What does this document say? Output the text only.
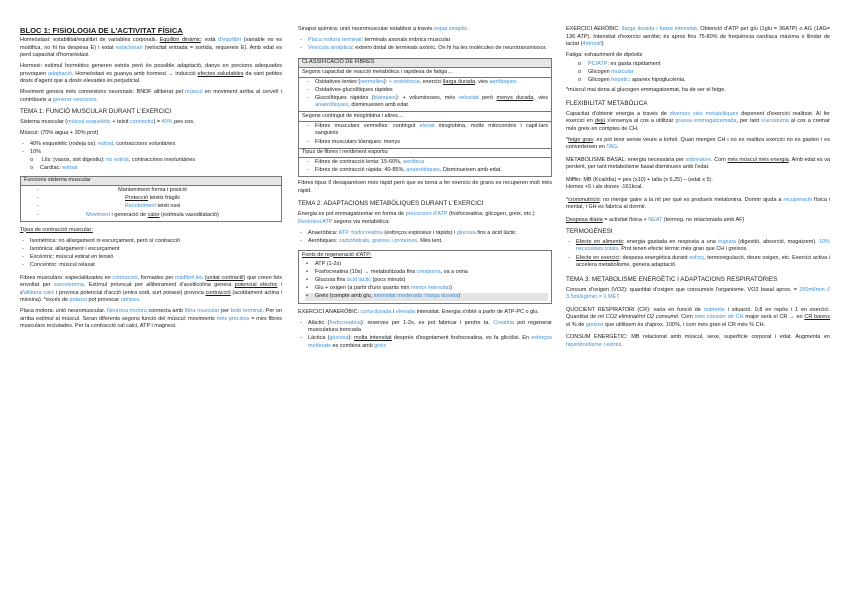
BLOC 1: FISIOLOGIA DE L'ACTIVITAT FÍSICA

Homeòstasi: estabilitat/equilibri de variables corporals. Equilibri dinàmic: està d'equilibri (variable no es modifica, no hi ha despesa E) i estat estacionari (velocitat entrada = sortida, requereix E). Amb edat es perd capacitat d'homeòstasi.

Hormesi: estímul hormètics generen estrès però és possible adaptació, danys en porcions adequades provoquen adaptació. Homeòstasi es guanya amb hormesi → inducció efectes saludables da vant petites dosis d'agent que a dosis elevades és perjudicial.

Moviment genera més connexions neuronals: BNDF alliberat pel múscul en moviment arriba al cervell i contribueix a generar neurones.

TEMA 1: FUNCIÓ MUSCULAR DURANT L'EXERCICI

Sistema muscular (múscul esquelètic + teixit connectiu) = 40% pes cos.

Múscul: (70% aigua + 30% prot)

- 40% esquelètic (rodeja os): estriat, contraccions voluntàries
- 10%
o Llis: (vasos, sist digestiu): no estriat, contraccions involuntàries
o Cardíac: estriat
Funcions sistema muscular
- Manteniment forma i posició
- Protecció teixits fràgils
- Recobriment teixit ossi
- Moviment i generació de calor (estímula vasodilatació)

Tipus de contracció muscular:

- Isomètrica: no allargament ni escurçament, però sí contracció
- Isotònica: allargament i escurçament
- Excèntric: múscul estirat en tensió
- Concèntric: múscul relaxat

Fibres musculars: especialitzades en contracció, formades per miofibril·les (unitat contràctil) que creen feix envoltat per sarcolemma. Estímul provocat per alliberament d'acetilcolina genera potencial elèctric i s'allibera calci i provoca potencial d'acció (entra sodi, surt potassi) provoca contracció (acoblament actina i miosina). *excés de potassi pot provocar rampes.

Placa motora: unió neuromuscular. Neurona motora connecta amb fibra muscular per botó terminal. Per on arriba estímul al múscul. Seran diferents segons funció del múscul: moviments més precisos = més fibres musculars reclutades. Per la contracció cal calci, ATP i magnesi.

Sinapsi química: unió neuromuscular estableix a través espai sinàptic.

- Placa motora terminal: terminals axonals imbrica muscular
- Vesícula sinàptica: extrem distal de terminals axònic. On hi ha les molècules de neurotransmissor.
CLASSIFICACIÓ DE FIBRES
Segons capacitat de reacció metabòlica i rapidesa de fatiga…
- Oxidatives lentes (vermelles): + resistència, exercici llarga durada, vies aeròbiques
- Oxidatives-glucolítiques ràpides
- Glucolítiques ràpides (blanques): + voluminoses, més velocitat però menys durada, vies anaeròbiques, disminueixen amb edat.
Segons contingut de mioglobina i altres…
- Fibres musculars vermelles: contingut elevat mioglobina, molts mitocondris i capil·lars sanguinis
- Fibres musculars blanques: menys
Tipus de fibres i rendiment esportiu
- Fibres de contracció lenta: 15-60%, aeròbica
- Fibres de contracció ràpida: 40-85%, anaeròbiques. Disminueixen amb edat.

Fibres tipus II desapareixen més ràpid però que es torna a fer exercici de grans es recuperen molt més ràpid.

TEMA 2: ADAPTACIONS METABÒLIQUES DURANT L'EXERCICI

Energia es pot emmagatzemar en forma de precursors d'ATP (fosfocreatina, glicogen, greix, etc.)
Resíntesi ATP segons via metabòlica:

- Anaeròbica: ATP, fosfocreatina (esforços explosius i ràpids) i glucosa fins a àcid làctic
- Aeròbiques: carbohidrats, greixos i proteïnes. Més lent.
Fonts de regeneració d'ATP:
• ATP (1-2s)
• Fosfocreatina (10s) → metabolitzada fins creatinina, va a orina
• Glucosa fins àcid làctic (pocs minuts)
• Glu + oxigen (a partir d'uns quants min menor intensitat)
• Greix (compte amb glu, intensitat moderada i llarga durada)

EXERCICI ANAERÒBIC: curta durada i elevada intensitat. Energia s'obté a partir de ATP-PC o glu.

- Alàctic (fosfocreatina): reserves per 1-2s, es pot fabricar i perdre ta. Creatina pot regenerar musculatura trencada
- Làctica (glucosa): molta intensitat després d'esgotament fosfocreatina, es fa glicòlisi. En esforços moderats es combina amb greix

EXERCICI AERÒBIC: llarga durada i baixa intensitat. Obtenció d'ATP per glu (1glu = 36ATP) o AG (1AG= 136 ATP). Intensitat d'exercici aeròbic és aprox fins 75-80% de freqüència cardíaca màxima o llindar de lactat (4mmol/l)

Fatiga: exhauriment de dipòsits

o PC/ATP: es gasta ràpidament
o Glicogen muscular
o Glicogen hepàtic: apareix hipoglucèmia.

*múscul mai dona al glucogen emmagatzemat, ha de ser el fetge.

FLEXIBILITAT METABÒLICA

Capacitat d'obtenir energia a través de diverses vies metabòliques depenent d'exercici realitzat. Al fer exercici en dejú s'ensenya al cos a utilitzar grassa emmagatzemada, per tant s'acostuma al cos a cremar més greix en comptes de CH.

*fetge gras: es pot tenir sense veure a kohol. Quan menges CH i no es realitza exercici no es gasten i es converteixen en TAG.

METABOLISME BASAL: energia necessària per sobreviure. Com més múscul més energia. Amb edat es va perdent, per tant metabolisme basal disminueix amb l'edat.

Mifflin: MB (Kcal/dia) = pes (x10) + talla (x 6,25) – (edat x 5).

Homes +5 i als dones -161kcal.

*crononutrició: no menjar gaire a la nit per què es produeix melatonina. Dormir ajuda a recuperació física i mental, i GH es fabrica al dormir.

Despesa diària = activitat física + NEAT (termog. no relacionada amb AF)

TERMOGÈNESI
- Efecte en aliments: energia gastada en resposta a una ingesta (digestió, absorció, magatzem). 10% necessitats totals. Prot tenen efecte tèrmic més gran que CH i greixos.
- Efecte en exercici: despesa energètica durant esforç, termoregulació, deure oxigen, etc. Exercici activa i accelera metabolisme, genera adaptació.
TEMA 3: METABOLISME ENERGÈTIC I ADAPTACIONS RESPIRATÒRIES

Consum d'oxigen (VO2): quantitat d'oxigen que consumeix l'organisme. VO2 basal aprox. = 250ml/min // 3.5ml/kg/min = 1 MET

QUOCIENT RESPIRATORI (CR): varia en funció de nutrients i situació. 0,8 en repòs i 1 en exercici. Quantitat de ml CO2 eliminat/ml O2 consumit. Com més consum de CH major serà el CR → en CR baixos el % de greixos que utilitzem és d'aprox. 100%, i com més gran el CR més % CH.

CONSUM ENERGÈTIC: MB relacionat amb múscul, sexe, superfície corporal i edat. Augmenta en hipertiroïdisme i estrès.
